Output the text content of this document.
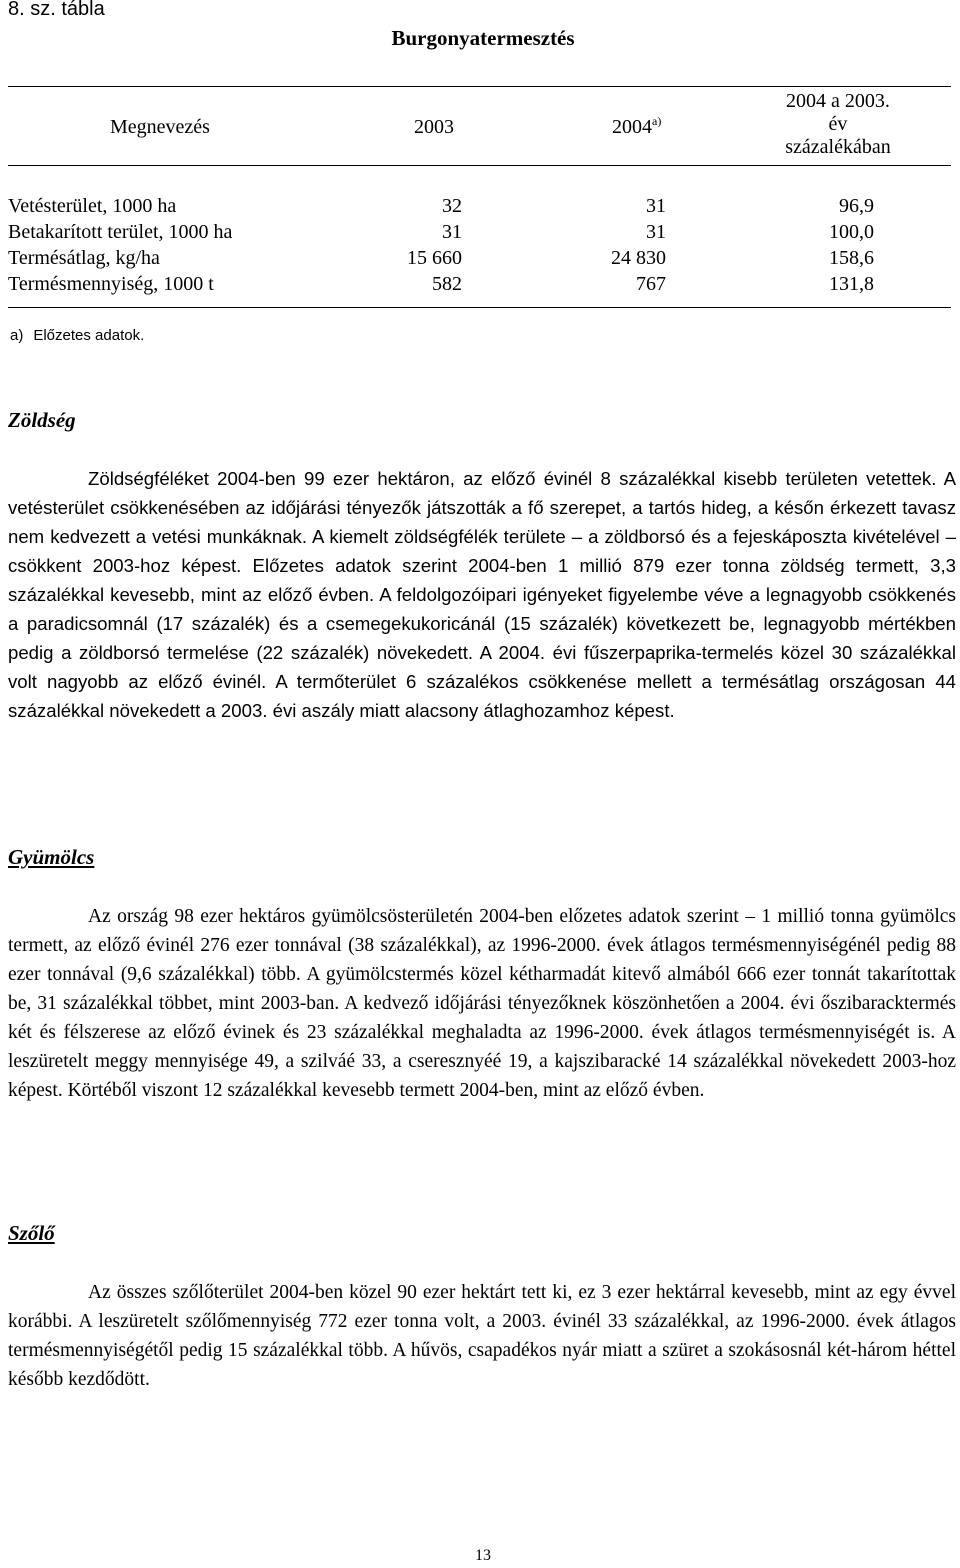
8. sz. tábla
Burgonyatermesztés
Megnevezés	2003	2004$^{a)}$
2004 a 2003.
év
százalékában
Vetésterület, 1000 ha	32	31	96,9
Betakarított terület, 1000 ha	31	31	100,0
Termésátlag, kg/ha	15 660	24 830	158,6
Termésmennyiség, 1000 t	582	767	131,8
a) Előzetes adatok.
Zöldség

Zöldségféléket 2004-ben 99 ezer hektáron, az előző évinél 8 százalékkal kisebb területen vetettek. A vetésterület csökkenésében az időjárási tényezők játszották a fő szerepet, a tartós hideg, a későn érkezett tavasz nem kedvezett a vetési munkáknak. A kiemelt zöldségfélék területe – a zöldborsó és a fejeskáposzta kivételével – csökkent 2003-hoz képest. Előzetes adatok szerint 2004-ben 1 millió 879 ezer tonna zöldség termett, 3,3 százalékkal kevesebb, mint az előző évben. A feldolgozóipari igényeket figyelembe véve a legnagyobb csökkenés a paradicsomnál (17 százalék) és a csemegekukoricánál (15 százalék) következett be, legnagyobb mértékben pedig a zöldborsó termelése (22 százalék) növekedett. A 2004. évi fűszerpaprika-termelés közel 30 százalékkal volt nagyobb az előző évinél. A termőterület 6 százalékos csökkenése mellett a termésátlag országosan 44 százalékkal növekedett a 2003. évi aszály miatt alacsony átlaghozamhoz képest.

Gyümölcs

Az ország 98 ezer hektáros gyümölcsösterületén 2004-ben előzetes adatok szerint – 1 millió tonna gyümölcs termett, az előző évinél 276 ezer tonnával (38 százalékkal), az 1996-2000. évek átlagos termésmennyiségénél pedig 88 ezer tonnával (9,6 százalékkal) több. A gyümölcstermés közel kétharmadát kitevő almából 666 ezer tonnát takarítottak be, 31 százalékkal többet, mint 2003-ban. A kedvező időjárási tényezőknek köszönhetően a 2004. évi őszibaracktermés két és félszerese az előző évinek és 23 százalékkal meghaladta az 1996-2000. évek átlagos termésmennyiségét is. A leszüretelt meggy mennyisége 49, a szilváé 33, a cseresznyéé 19, a kajszibaracké 14 százalékkal növekedett 2003-hoz képest. Körtéből viszont 12 százalékkal kevesebb termett 2004-ben, mint az előző évben.

Szőlő

Az összes szőlőterület 2004-ben közel 90 ezer hektárt tett ki, ez 3 ezer hektárral kevesebb, mint az egy évvel korábbi. A leszüretelt szőlőmennyiség 772 ezer tonna volt, a 2003. évinél 33 százalékkal, az 1996-2000. évek átlagos termésmennyiségétől pedig 15 százalékkal több. A hűvös, csapadékos nyár miatt a szüret a szokásosnál két-három héttel később kezdődött.

13
